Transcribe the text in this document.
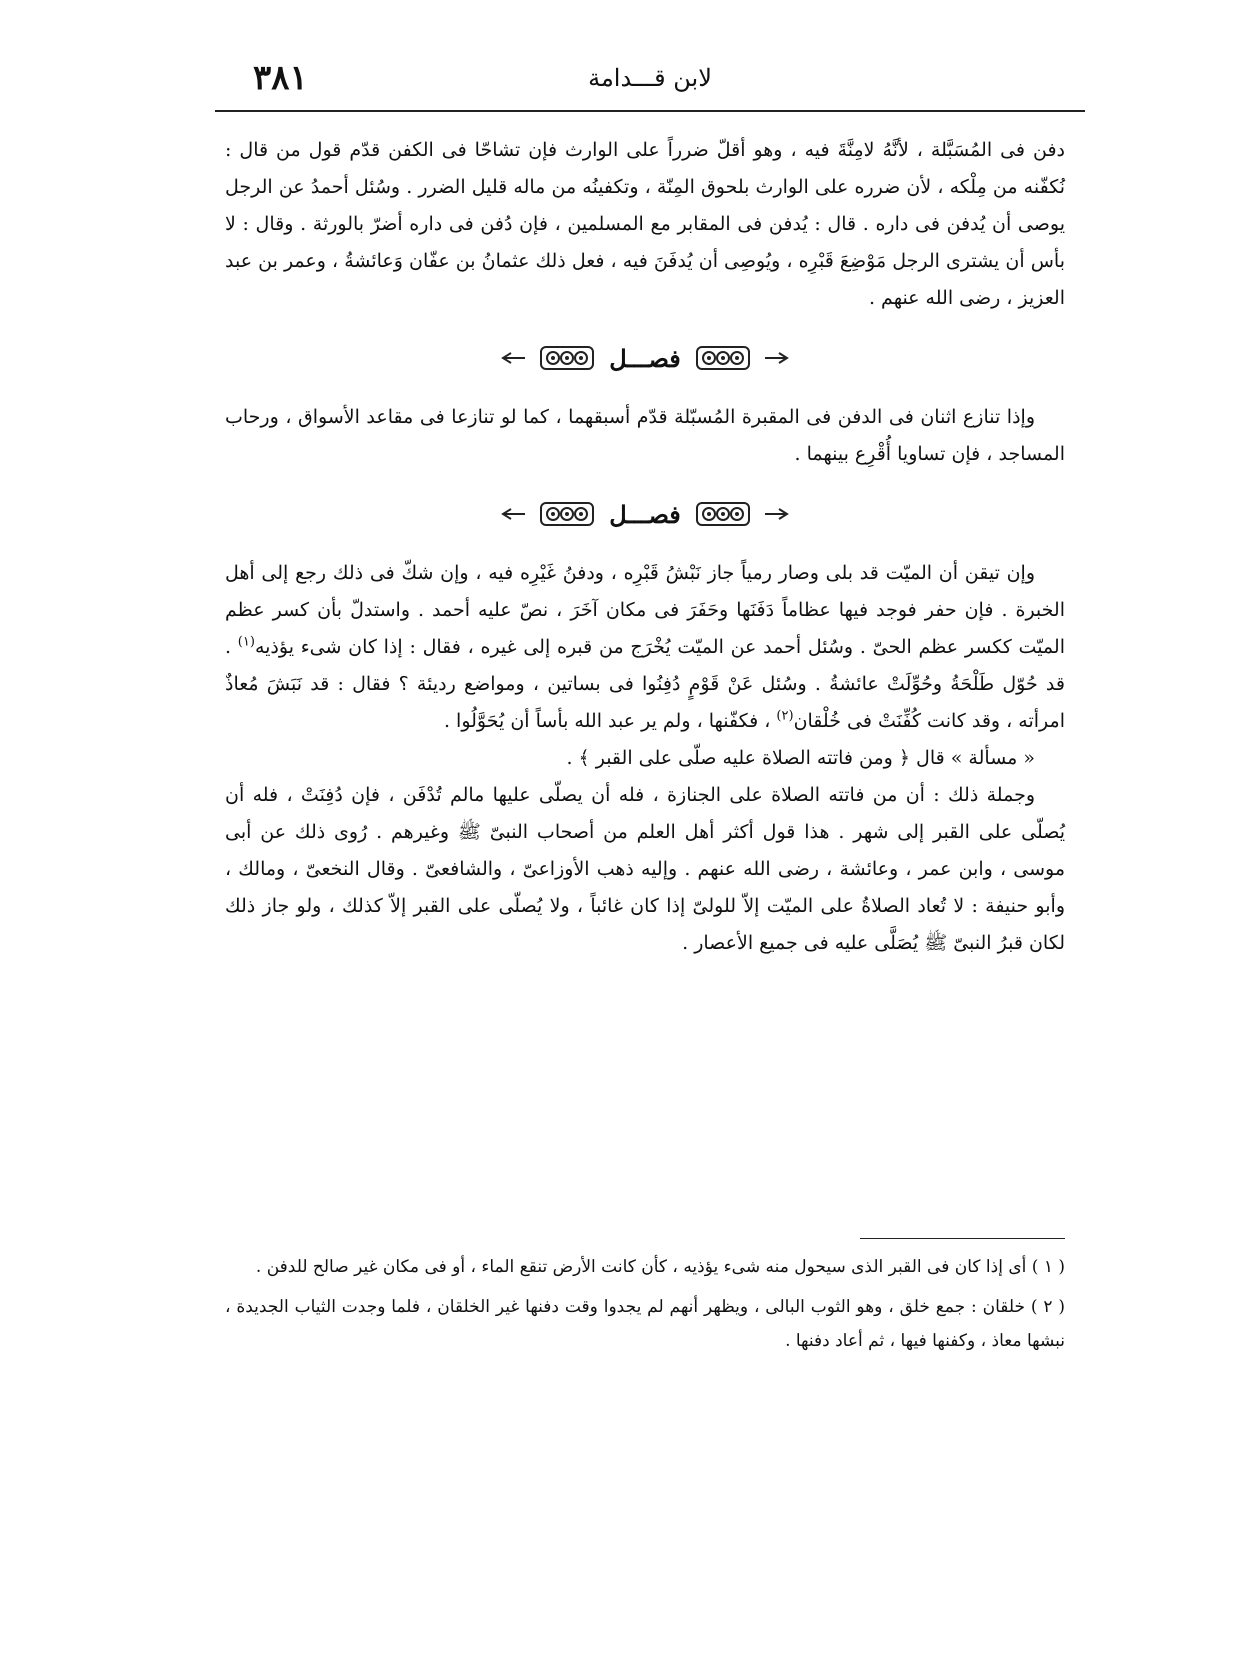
٣٨١	لابن قـــدامة

دفن فى المُسَبَّلة ، لأنَّهُ لامِنَّةَ فيه ، وهو أقلّ ضرراً على الوارث فإن تشاحّا فى الكفن قدّم قول من قال : نُكفّنه من مِلْكه ، لأن ضرره على الوارث بلحوق المِنّة ، وتكفينُه من ماله قليل الضرر . وسُئل أحمدُ عن الرجل يوصى أن يُدفن فى داره . قال : يُدفن فى المقابر مع المسلمين ، فإن دُفن فى داره أضرّ بالورثة . وقال : لا بأس أن يشترى الرجل مَوْضِعَ قَبْرِه ، ويُوصِى أن يُدفَنَ فيه ، فعل ذلك عثمانُ بن عفّان وَعائشةُ ، وعمر بن عبد العزيز ، رضى الله عنهم .

فصـــل

وإذا تنازع اثنان فى الدفن فى المقبرة المُسبّلة قدّم أسبقهما ، كما لو تنازعا فى مقاعد الأسواق ، ورحاب المساجد ، فإن تساويا أُقْرِع بينهما .

فصـــل

وإن تيقن أن الميّت قد بلى وصار رمياً جاز نَبْشُ قَبْرِه ، ودفنُ غَيْرِه فيه ، وإن شكّ فى ذلك رجع إلى أهل الخبرة . فإن حفر فوجد فيها عظاماً دَفَنَها وحَفَرَ فى مكان آخَرَ ، نصّ عليه أحمد . واستدلّ بأن كسر عظم الميّت ككسر عظم الحىّ . وسُئل أحمد عن الميّت يُخْرَج من قبره إلى غيره ، فقال : إذا كان شىء يؤذيه$^{(١)}$ . قد حُوّل طَلْحَةُ وحُوِّلَتْ عائشةُ . وسُئل عَنْ قَوْمٍ دُفِنُوا فى بساتين ، ومواضع رديئة ؟ فقال : قد نَبَشَ مُعاذٌ امرأته ، وقد كانت كُفِّنَتْ فى خُلْقان$^{(٢)}$ ، فكفّنها ، ولم ير عبد الله بأساً أن يُحَوَّلُوا .

« مسألة » قال ﴿ ومن فاتته الصلاة عليه صلّى على القبر ﴾ .

وجملة ذلك : أن من فاتته الصلاة على الجنازة ، فله أن يصلّى عليها مالم تُدْفَن ، فإن دُفِنَتْ ، فله أن يُصلّى على القبر إلى شهر . هذا قول أكثر أهل العلم من أصحاب النبىّ ﷺ وغيرهم . رُوى ذلك عن أبى موسى ، وابن عمر ، وعائشة ، رضى الله عنهم . وإليه ذهب الأوزاعىّ ، والشافعىّ . وقال النخعىّ ، ومالك ، وأبو حنيفة : لا تُعاد الصلاةُ على الميّت إلاّ للولىّ إذا كان غائباً ، ولا يُصلّى على القبر إلاّ كذلك ، ولو جاز ذلك لكان قبرُ النبىّ ﷺ يُصَلَّى عليه فى جميع الأعصار .

( ١ ) أى إذا كان فى القبر الذى سيحول منه شىء يؤذيه ، كأن كانت الأرض تنقع الماء ، أو فى مكان غير صالح للدفن .

( ٢ ) خلقان : جمع خلق ، وهو الثوب البالى ، ويظهر أنهم لم يجدوا وقت دفنها غير الخلقان ، فلما وجدت الثياب الجديدة ، نبشها معاذ ، وكفنها فيها ، ثم أعاد دفنها .
